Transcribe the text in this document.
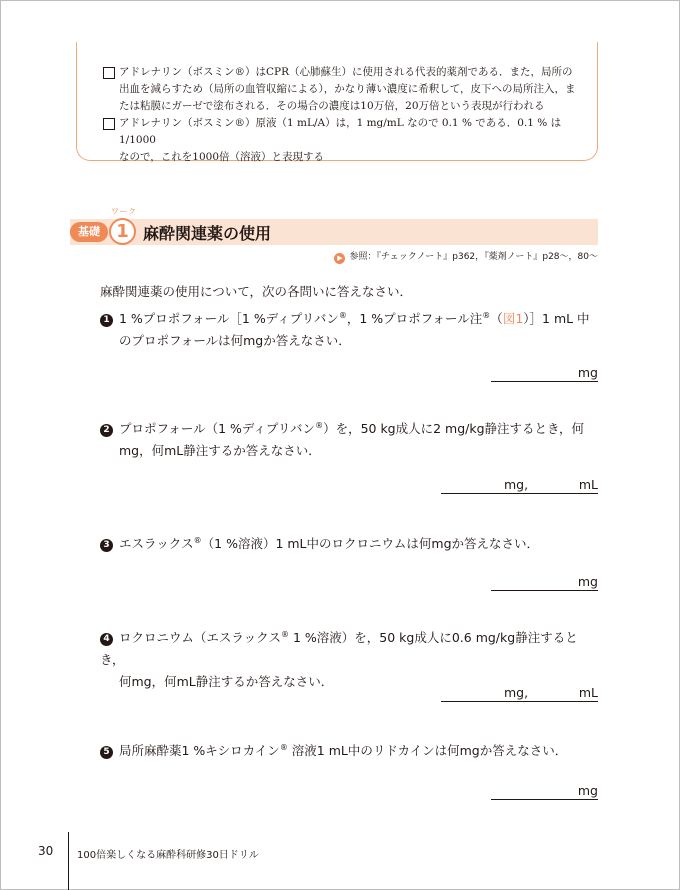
アドレナリン（ボスミン®）はCPR（心肺蘇生）に使用される代表的薬剤である．また，局所の
出血を減らすため（局所の血管収縮による），かなり薄い濃度に希釈して，皮下への局所注入，ま
たは粘膜にガーゼで塗布される．その場合の濃度は10万倍，20万倍という表現が行われる
アドレナリン（ボスミン®）原液（1 mL/A）は，1 mg/mL なので 0.1 % である．0.1 % は 1/1000
なので，これを1000倍（溶液）と表現する
基礎
ワーク
1 麻酔関連薬の使用
▶ 参照：『チェックノート』p362，『薬剤ノート』p28〜，80〜
麻酔関連薬の使用について，次の各問いに答えなさい．
1 1 %プロポフォール［1 %ディプリバン®，1 %プロポフォール注®（図1）］1 mL 中
のプロポフォールは何mgか答えなさい．
mg
2 プロポフォール（1 %ディプリバン®）を，50 kg成人に2 mg/kg静注するとき，何
mg，何mL静注するか答えなさい．
mg,	mL
3 エスラックス®（1 %溶液）1 mL中のロクロニウムは何mgか答えなさい．
mg
4 ロクロニウム（エスラックス® 1 %溶液）を，50 kg成人に0.6 mg/kg静注するとき，
何mg，何mL静注するか答えなさい．
mg,	mL
5 局所麻酔薬1 %キシロカイン® 溶液1 mL中のリドカインは何mgか答えなさい．
mg
30 100倍楽しくなる麻酔科研修30日ドリル
